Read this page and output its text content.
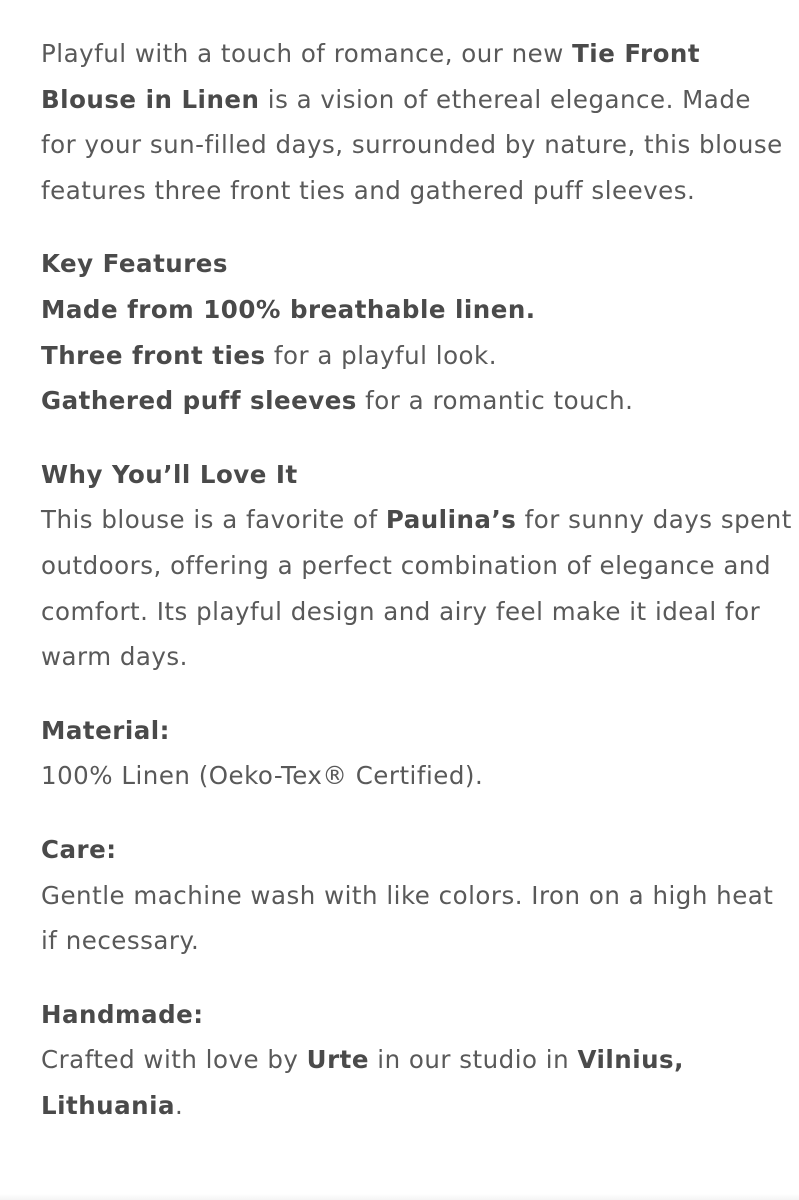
Playful with a touch of romance, our new Tie Front Blouse in Linen is a vision of ethereal elegance. Made for your sun-filled days, surrounded by nature, this blouse features three front ties and gathered puff sleeves.

Key Features

Made from 100% breathable linen.

Three front ties for a playful look.

Gathered puff sleeves for a romantic touch.

Why You’ll Love It

This blouse is a favorite of Paulina’s for sunny days spent outdoors, offering a perfect combination of elegance and comfort. Its playful design and airy feel make it ideal for warm days.

Material:

100% Linen (Oeko-Tex® Certified).

Care:

Gentle machine wash with like colors. Iron on a high heat if necessary.

Handmade:

Crafted with love by Urte in our studio in Vilnius, Lithuania.
